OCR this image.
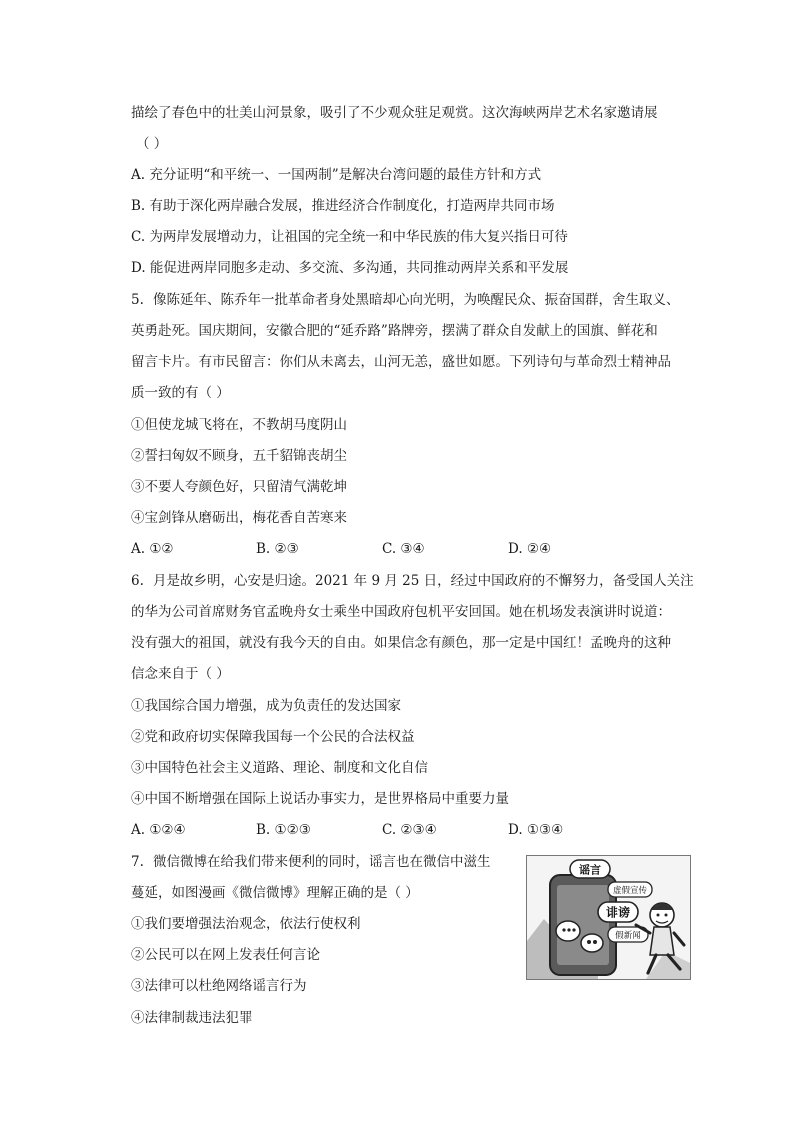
描绘了春色中的壮美山河景象，吸引了不少观众驻足观赏。这次海峡两岸艺术名家邀请展
（ ）
A. 充分证明“和平统一、一国两制”是解决台湾问题的最佳方针和方式
B. 有助于深化两岸融合发展，推进经济合作制度化，打造两岸共同市场
C. 为两岸发展增动力，让祖国的完全统一和中华民族的伟大复兴指日可待
D. 能促进两岸同胞多走动、多交流、多沟通，共同推动两岸关系和平发展
5. 像陈延年、陈乔年一批革命者身处黑暗却心向光明，为唤醒民众、振奋国群，舍生取义、
英勇赴死。国庆期间，安徽合肥的“延乔路”路牌旁，摆满了群众自发献上的国旗、鲜花和
留言卡片。有市民留言：你们从未离去，山河无恙，盛世如愿。下列诗句与革命烈士精神品
质一致的有（ ）
①但使龙城飞将在，不教胡马度阴山
②誓扫匈奴不顾身，五千貂锦丧胡尘
③不要人夸颜色好，只留清气满乾坤
④宝剑锋从磨砺出，梅花香自苦寒来
A. ①②	B. ②③	C. ③④	D. ②④
6. 月是故乡明，心安是归途。2021 年 9 月 25 日，经过中国政府的不懈努力，备受国人关注
的华为公司首席财务官孟晚舟女士乘坐中国政府包机平安回国。她在机场发表演讲时说道：
没有强大的祖国，就没有我今天的自由。如果信念有颜色，那一定是中国红！孟晚舟的这种
信念来自于（ ）
①我国综合国力增强，成为负责任的发达国家
②党和政府切实保障我国每一个公民的合法权益
③中国特色社会主义道路、理论、制度和文化自信
④中国不断增强在国际上说话办事实力，是世界格局中重要力量
A. ①②④	B. ①②③	C. ②③④	D. ①③④
7. 微信微博在给我们带来便利的同时，谣言也在微信中滋生
蔓延，如图漫画《微信微博》理解正确的是（ ）
①我们要增强法治观念，依法行使权利
②公民可以在网上发表任何言论
③法律可以杜绝网络谣言行为
④法律制裁违法犯罪
谣言
虚假宣传
诽谤
假新闻
